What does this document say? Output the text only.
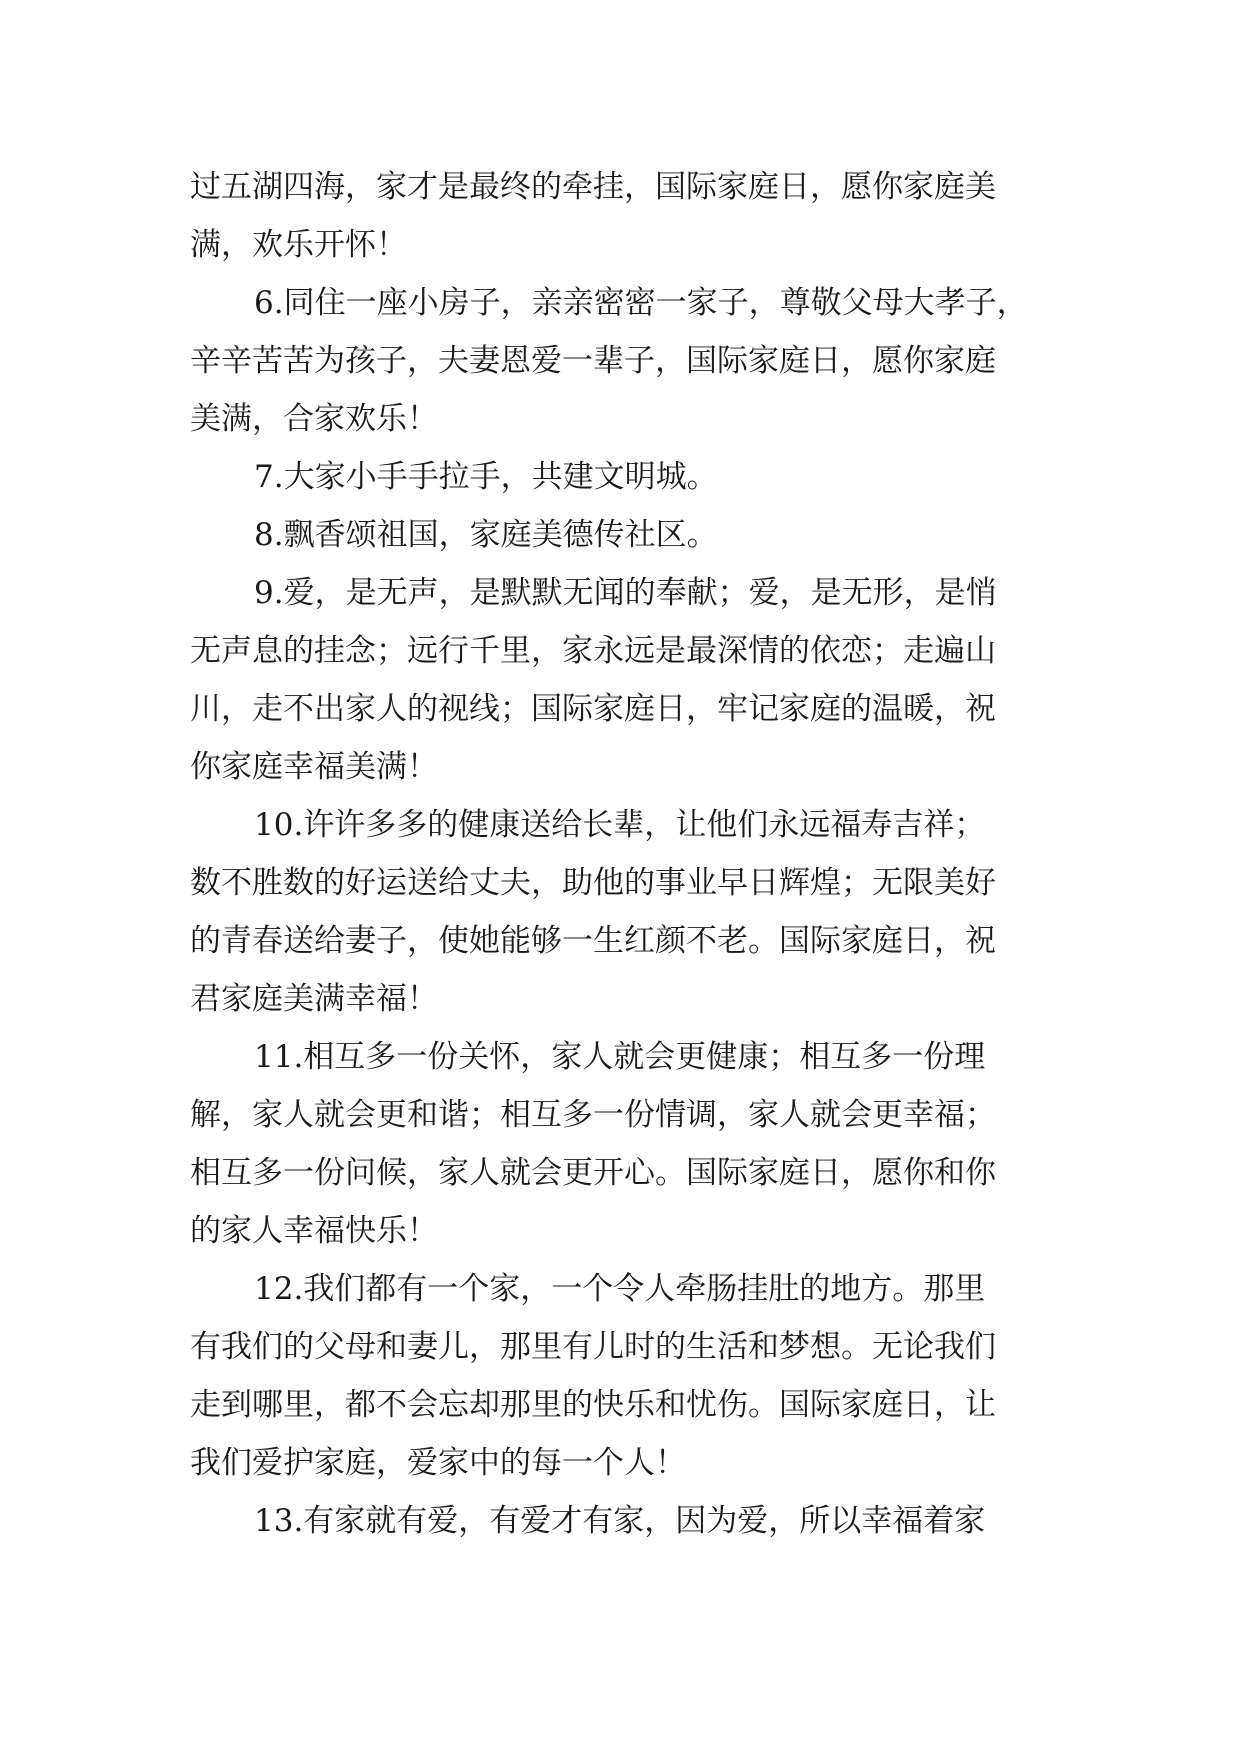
过五湖四海，家才是最终的牵挂，国际家庭日，愿你家庭美
满，欢乐开怀！
6.同住一座小房子，亲亲密密一家子，尊敬父母大孝子，
辛辛苦苦为孩子，夫妻恩爱一辈子，国际家庭日，愿你家庭
美满，合家欢乐！
7.大家小手手拉手，共建文明城。
8.飘香颂祖国，家庭美德传社区。
9.爱，是无声，是默默无闻的奉献；爱，是无形，是悄
无声息的挂念；远行千里，家永远是最深情的依恋；走遍山
川，走不出家人的视线；国际家庭日，牢记家庭的温暖，祝
你家庭幸福美满！
10.许许多多的健康送给长辈，让他们永远福寿吉祥；
数不胜数的好运送给丈夫，助他的事业早日辉煌；无限美好
的青春送给妻子，使她能够一生红颜不老。国际家庭日，祝
君家庭美满幸福！
11.相互多一份关怀，家人就会更健康；相互多一份理
解，家人就会更和谐；相互多一份情调，家人就会更幸福；
相互多一份问候，家人就会更开心。国际家庭日，愿你和你
的家人幸福快乐！
12.我们都有一个家，一个令人牵肠挂肚的地方。那里
有我们的父母和妻儿，那里有儿时的生活和梦想。无论我们
走到哪里，都不会忘却那里的快乐和忧伤。国际家庭日，让
我们爱护家庭，爱家中的每一个人！
13.有家就有爱，有爱才有家，因为爱，所以幸福着家
